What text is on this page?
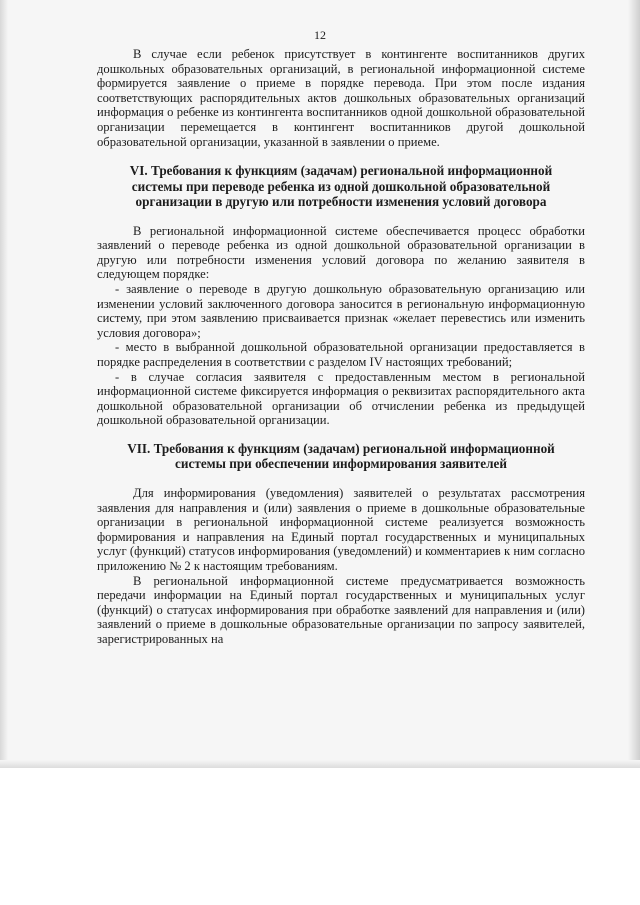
12

В случае если ребенок присутствует в контингенте воспитанников других дошкольных образовательных организаций, в региональной информационной системе формируется заявление о приеме в порядке перевода. При этом после издания соответствующих распорядительных актов дошкольных образовательных организаций информация о ребенке из контингента воспитанников одной дошкольной образовательной организации перемещается в контингент воспитанников другой дошкольной образовательной организации, указанной в заявлении о приеме.

VI. Требования к функциям (задачам) региональной информационной системы при переводе ребенка из одной дошкольной образовательной организации в другую или потребности изменения условий договора

В региональной информационной системе обеспечивается процесс обработки заявлений о переводе ребенка из одной дошкольной образовательной организации в другую или потребности изменения условий договора по желанию заявителя в следующем порядке:

- заявление о переводе в другую дошкольную образовательную организацию или изменении условий заключенного договора заносится в региональную информационную систему, при этом заявлению присваивается признак «желает перевестись или изменить условия договора»;

- место в выбранной дошкольной образовательной организации предоставляется в порядке распределения в соответствии с разделом IV настоящих требований;

- в случае согласия заявителя с предоставленным местом в региональной информационной системе фиксируется информация о реквизитах распорядительного акта дошкольной образовательной организации об отчислении ребенка из предыдущей дошкольной образовательной организации.

VII. Требования к функциям (задачам) региональной информационной системы при обеспечении информирования заявителей

Для информирования (уведомления) заявителей о результатах рассмотрения заявления для направления и (или) заявления о приеме в дошкольные образовательные организации в региональной информационной системе реализуется возможность формирования и направления на Единый портал государственных и муниципальных услуг (функций) статусов информирования (уведомлений) и комментариев к ним согласно приложению № 2 к настоящим требованиям.

В региональной информационной системе предусматривается возможность передачи информации на Единый портал государственных и муниципальных услуг (функций) о статусах информирования при обработке заявлений для направления и (или) заявлений о приеме в дошкольные образовательные организации по запросу заявителей, зарегистрированных на
